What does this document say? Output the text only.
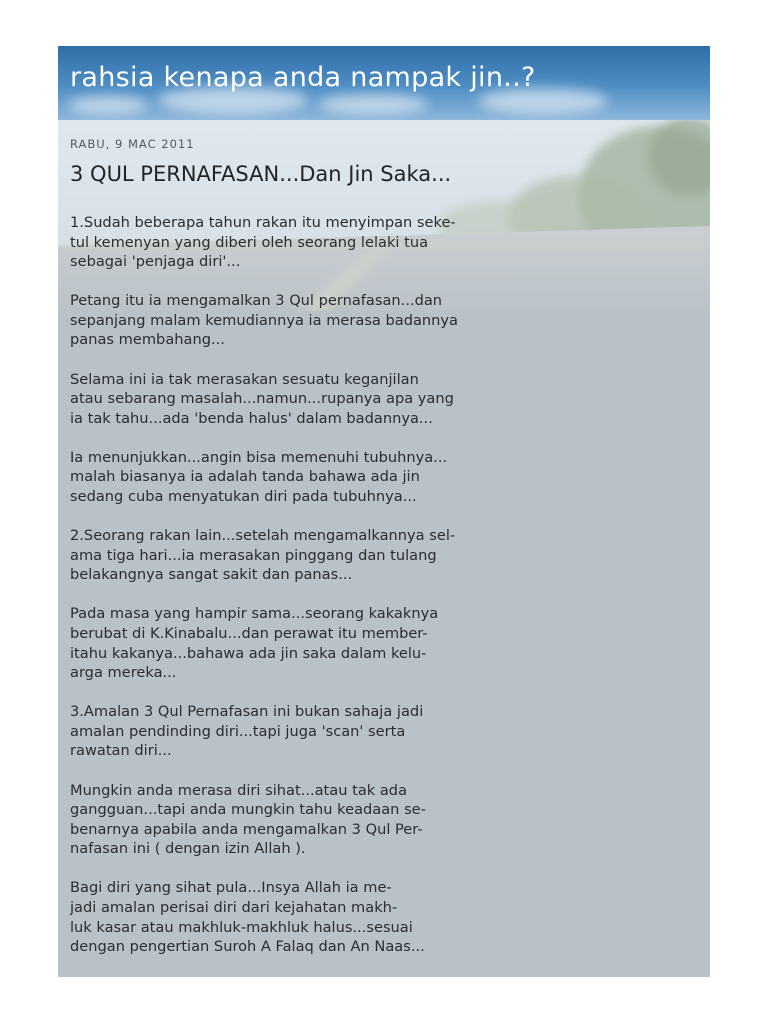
rahsia kenapa anda nampak jin..?
RABU, 9 MAC 2011
3 QUL PERNAFASAN...Dan Jin Saka...

1.Sudah beberapa tahun rakan itu menyimpan seke-
tul kemenyan yang diberi oleh seorang lelaki tua
sebagai 'penjaga diri'...

Petang itu ia mengamalkan 3 Qul pernafasan...dan
sepanjang malam kemudiannya ia merasa badannya
panas membahang...

Selama ini ia tak merasakan sesuatu keganjilan
atau sebarang masalah...namun...rupanya apa yang
ia tak tahu...ada 'benda halus' dalam badannya...

Ia menunjukkan...angin bisa memenuhi tubuhnya...
malah biasanya ia adalah tanda bahawa ada jin
sedang cuba menyatukan diri pada tubuhnya...

2.Seorang rakan lain...setelah mengamalkannya sel-
ama tiga hari...ia merasakan pinggang dan tulang
belakangnya sangat sakit dan panas...

Pada masa yang hampir sama...seorang kakaknya
berubat di K.Kinabalu...dan perawat itu member-
itahu kakanya...bahawa ada jin saka dalam kelu-
arga mereka...

3.Amalan 3 Qul Pernafasan ini bukan sahaja jadi
amalan pendinding diri...tapi juga 'scan' serta
rawatan diri...

Mungkin anda merasa diri sihat...atau tak ada
gangguan...tapi anda mungkin tahu keadaan se-
benarnya apabila anda mengamalkan 3 Qul Per-
nafasan ini ( dengan izin Allah ).

Bagi diri yang sihat pula...Insya Allah ia me-
jadi amalan perisai diri dari kejahatan makh-
luk kasar atau makhluk-makhluk halus...sesuai
dengan pengertian Suroh A Falaq dan An Naas...
